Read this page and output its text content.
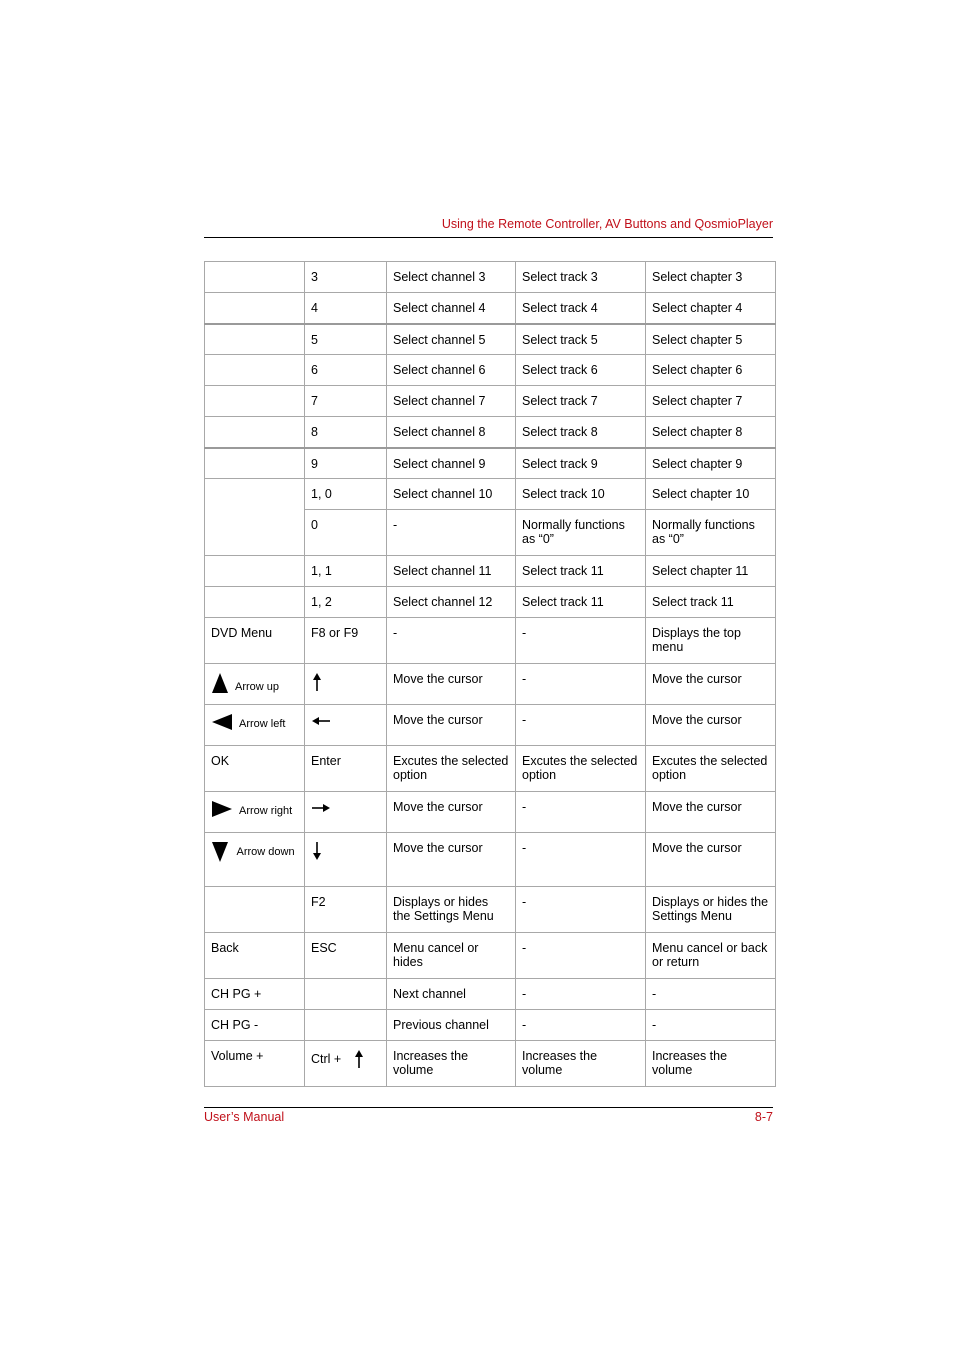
Using the Remote Controller, AV Buttons and QosmioPlayer
	3	Select channel 3	Select track 3	Select chapter 3
	4	Select channel 4	Select track 4	Select chapter 4
	5	Select channel 5	Select track 5	Select chapter 5
	6	Select channel 6	Select track 6	Select chapter 6
	7	Select channel 7	Select track 7	Select chapter 7
	8	Select channel 8	Select track 8	Select chapter 8
	9	Select channel 9	Select track 9	Select chapter 9
	1, 0	Select channel 10	Select track 10	Select chapter 10
	0	-	Normally functions as “0”	Normally functions as “0”
	1, 1	Select channel 11	Select track 11	Select chapter 11
	1, 2	Select channel 12	Select track 11	Select track 11
DVD Menu	F8 or F9	-	-	Displays the top menu

Arrow up		Move the cursor	-	Move the cursor

Arrow left		Move the cursor	-	Move the cursor
OK	Enter	Excutes the selected option	Excutes the selected option	Excutes the selected option

Arrow right		Move the cursor	-	Move the cursor
Arrow down		Move the cursor	-	Move the cursor
	F2	Displays or hides the Settings Menu	-	Displays or hides the Settings Menu
Back	ESC	Menu cancel or hides	-	Menu cancel or back or return
CH PG +		Next channel	-	-
CH PG -		Previous channel	-	-
Volume +	Ctrl +	Increases the volume	Increases the volume	Increases the volume
User’s Manual	8-7
